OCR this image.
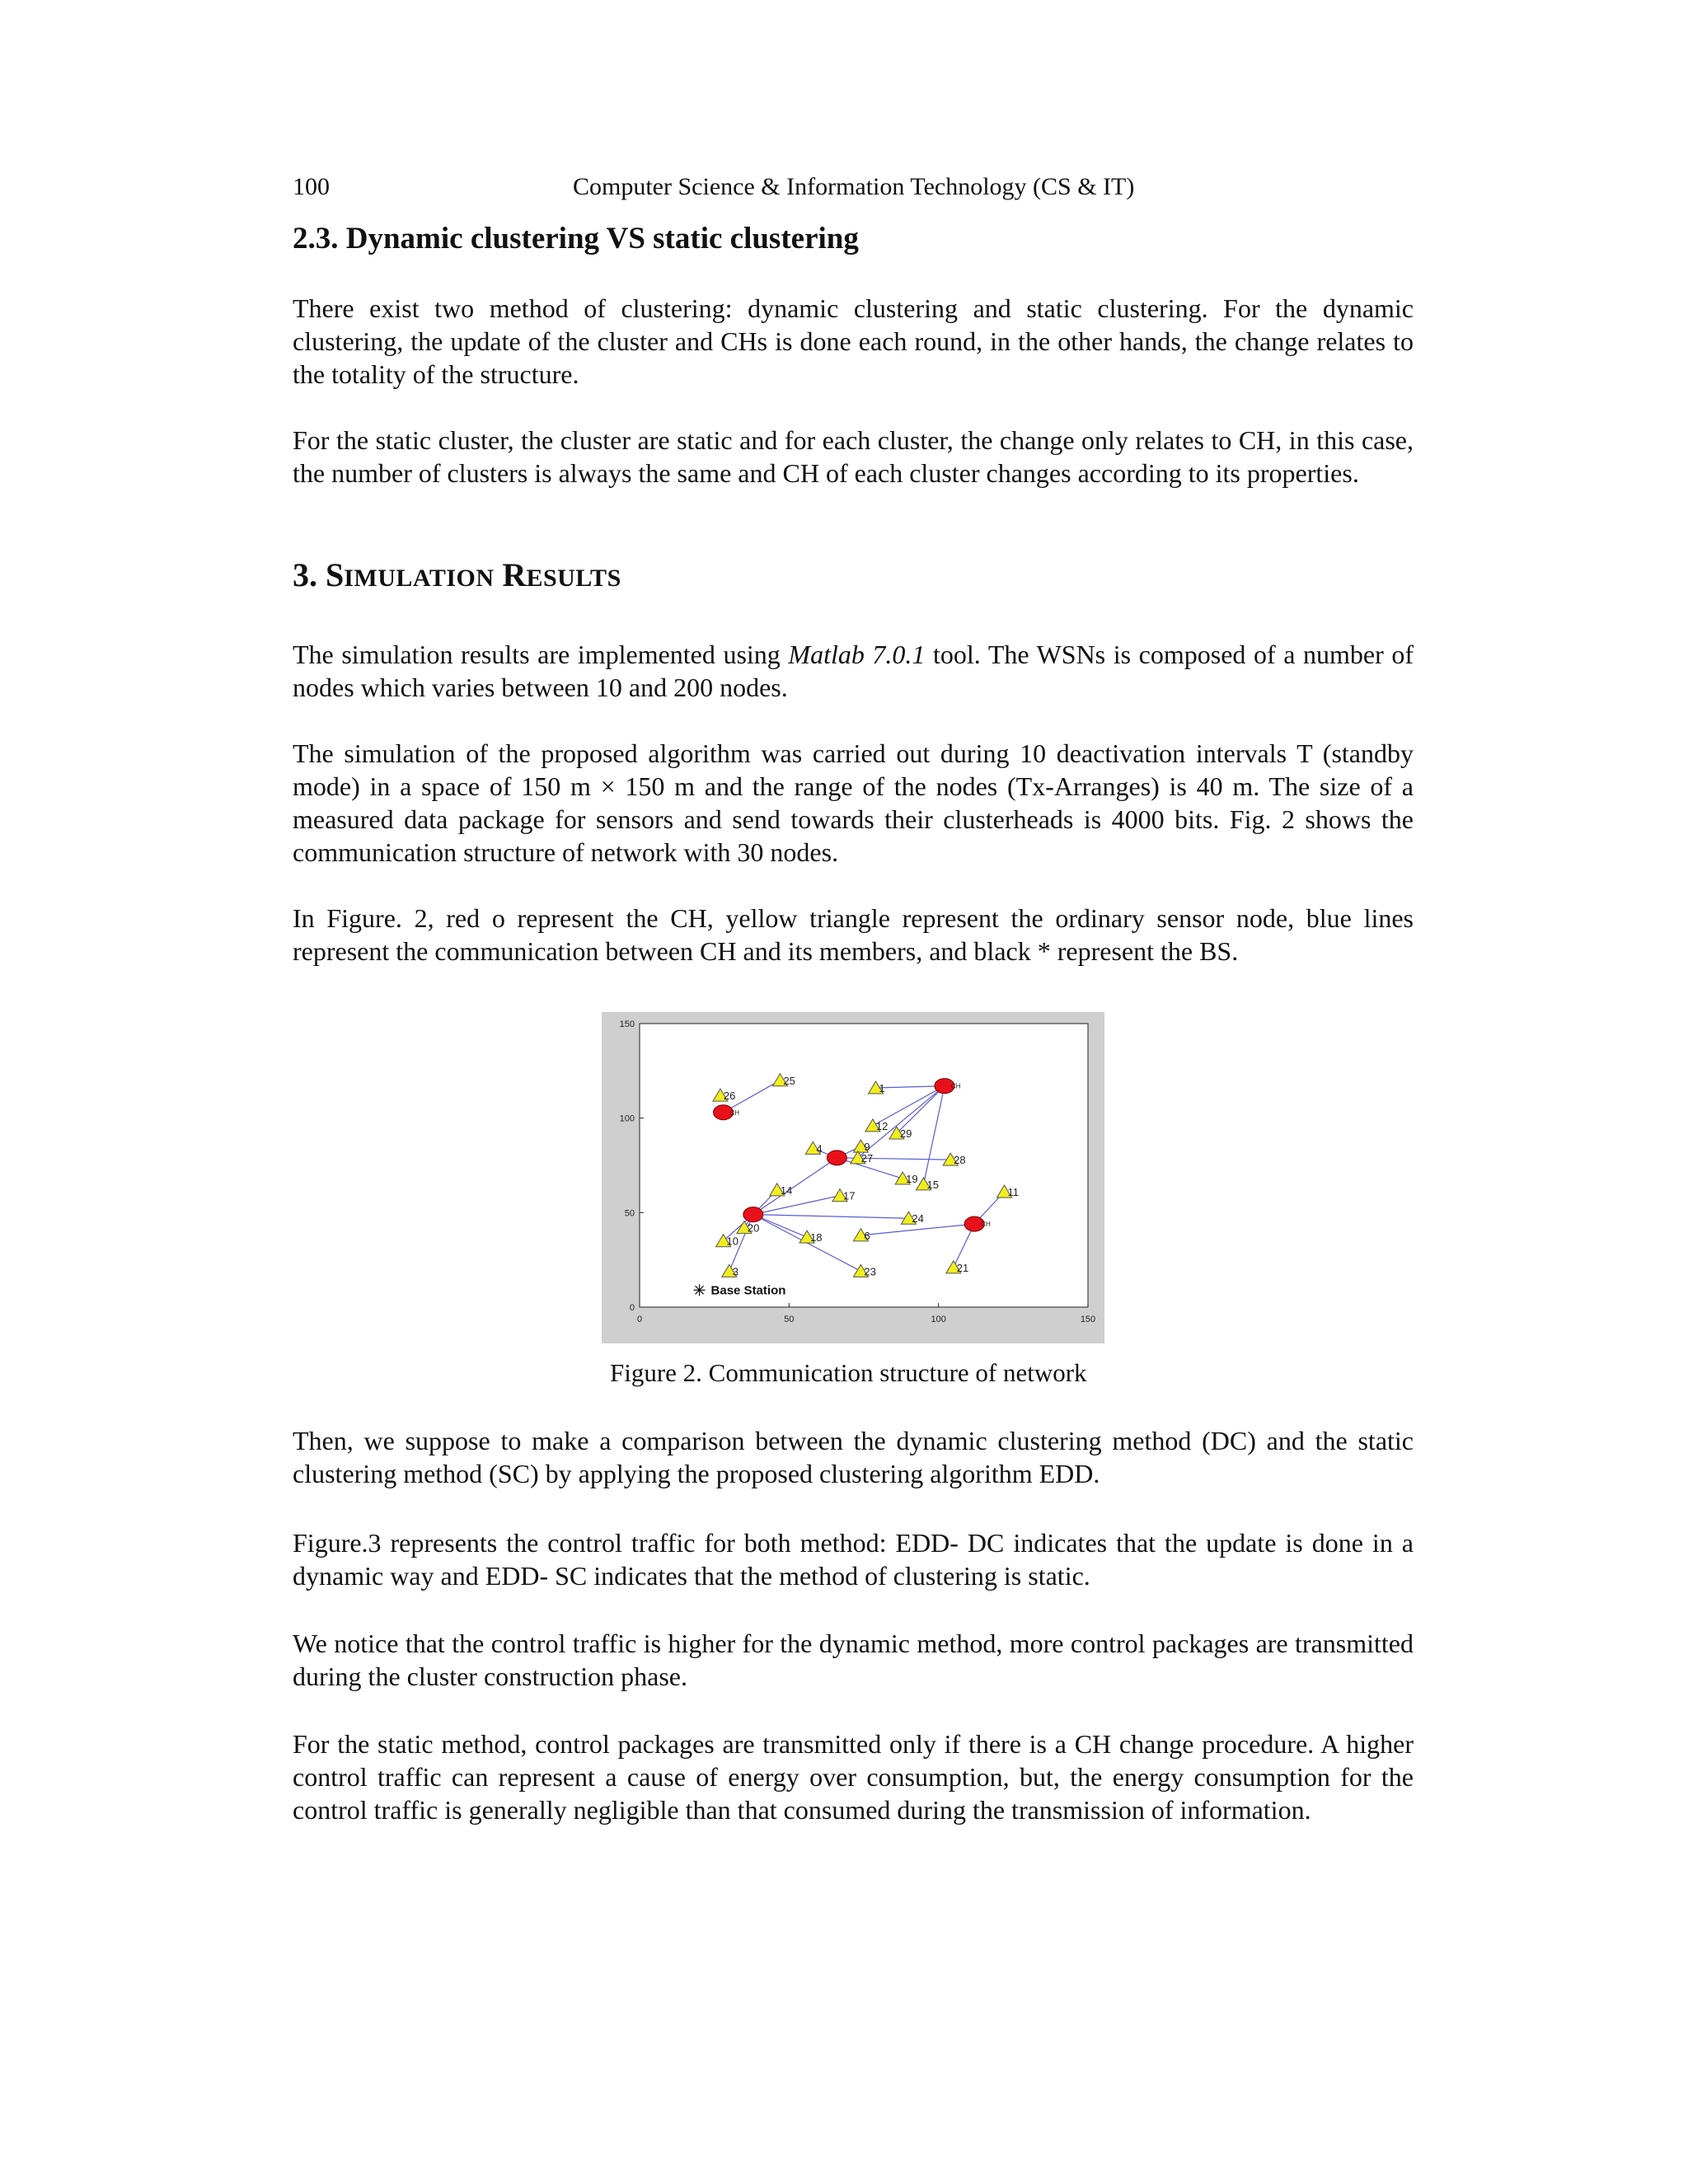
100	Computer Science & Information Technology (CS & IT)
2.3. Dynamic clustering VS static clustering
There exist two method of clustering: dynamic clustering and static clustering. For the dynamic clustering, the update of the cluster and CHs is done each round, in the other hands, the change relates to the totality of the structure.
For the static cluster, the cluster are static and for each cluster, the change only relates to CH, in this case, the number of clusters is always the same and CH of each cluster changes according to its properties.
3. SIMULATION RESULTS
The simulation results are implemented using Matlab 7.0.1 tool. The WSNs is composed of a number of nodes which varies between 10 and 200 nodes.
The simulation of the proposed algorithm was carried out during 10 deactivation intervals T (standby mode) in a space of 150 m × 150 m and the range of the nodes (Tx-Arranges) is 40 m. The size of a measured data package for sensors and send towards their clusterheads is 4000 bits. Fig. 2 shows the communication structure of network with 30 nodes.
In Figure. 2, red o represent the CH, yellow triangle represent the ordinary sensor node, blue lines represent the communication between CH and its members, and black * represent the BS.
0
0
50
50
100
100
150
150
25
1
26
12
29
4	9
27	28
19 15
14	17	11
24
20
10	18	6
23	21
3
CH
CH
CH
Base Station
Figure 2. Communication structure of network
Then, we suppose to make a comparison between the dynamic clustering method (DC) and the static clustering method (SC) by applying the proposed clustering algorithm EDD.
Figure.3 represents the control traffic for both method: EDD- DC indicates that the update is done in a dynamic way and EDD- SC indicates that the method of clustering is static.
We notice that the control traffic is higher for the dynamic method, more control packages are transmitted during the cluster construction phase.
For the static method, control packages are transmitted only if there is a CH change procedure. A higher control traffic can represent a cause of energy over consumption, but, the energy consumption for the control traffic is generally negligible than that consumed during the transmission of information.
